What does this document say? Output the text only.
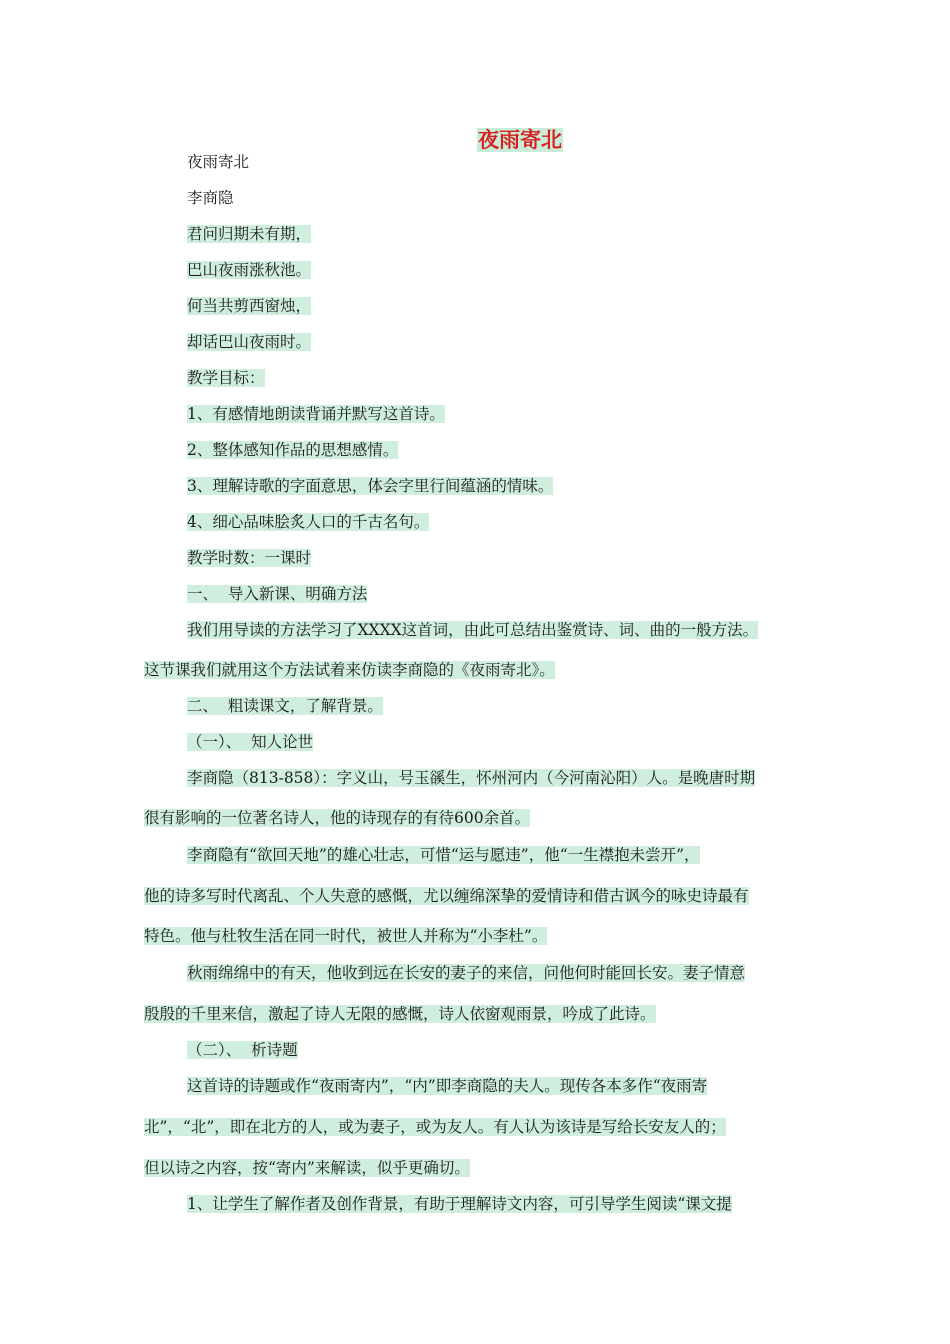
夜雨寄北
夜雨寄北
李商隐
君问归期未有期，
巴山夜雨涨秋池。
何当共剪西窗烛，
却话巴山夜雨时。
教学目标：
1、有感情地朗读背诵并默写这首诗。
2、整体感知作品的思想感情。
3、理解诗歌的字面意思，体会字里行间蕴涵的情味。
4、细心品味脍炙人口的千古名句。
教学时数：一课时
一、  导入新课、明确方法
我们用导读的方法学习了XXXX这首词，由此可总结出鉴赏诗、词、曲的一般方法。
这节课我们就用这个方法试着来仿读李商隐的《夜雨寄北》。
二、  粗读课文，了解背景。
（一）、  知人论世
李商隐（813-858）：字义山，号玉豀生，怀州河内（今河南沁阳）人。是晚唐时期
很有影响的一位著名诗人，他的诗现存的有待600余首。
李商隐有“欲回天地”的雄心壮志，可惜“运与愿违”，他“一生襟抱未尝开”，
他的诗多写时代离乱、个人失意的感慨，尤以缠绵深挚的爱情诗和借古讽今的咏史诗最有
特色。他与杜牧生活在同一时代，被世人并称为“小李杜”。
秋雨绵绵中的有天，他收到远在长安的妻子的来信，问他何时能回长安。妻子情意
殷殷的千里来信，激起了诗人无限的感慨，诗人依窗观雨景，吟成了此诗。
（二）、  析诗题
这首诗的诗题或作“夜雨寄内”，“内”即李商隐的夫人。现传各本多作“夜雨寄
北”，“北”，即在北方的人，或为妻子，或为友人。有人认为该诗是写给长安友人的；
但以诗之内容，按“寄内”来解读，似乎更确切。
1、让学生了解作者及创作背景，有助于理解诗文内容，可引导学生阅读“课文提
